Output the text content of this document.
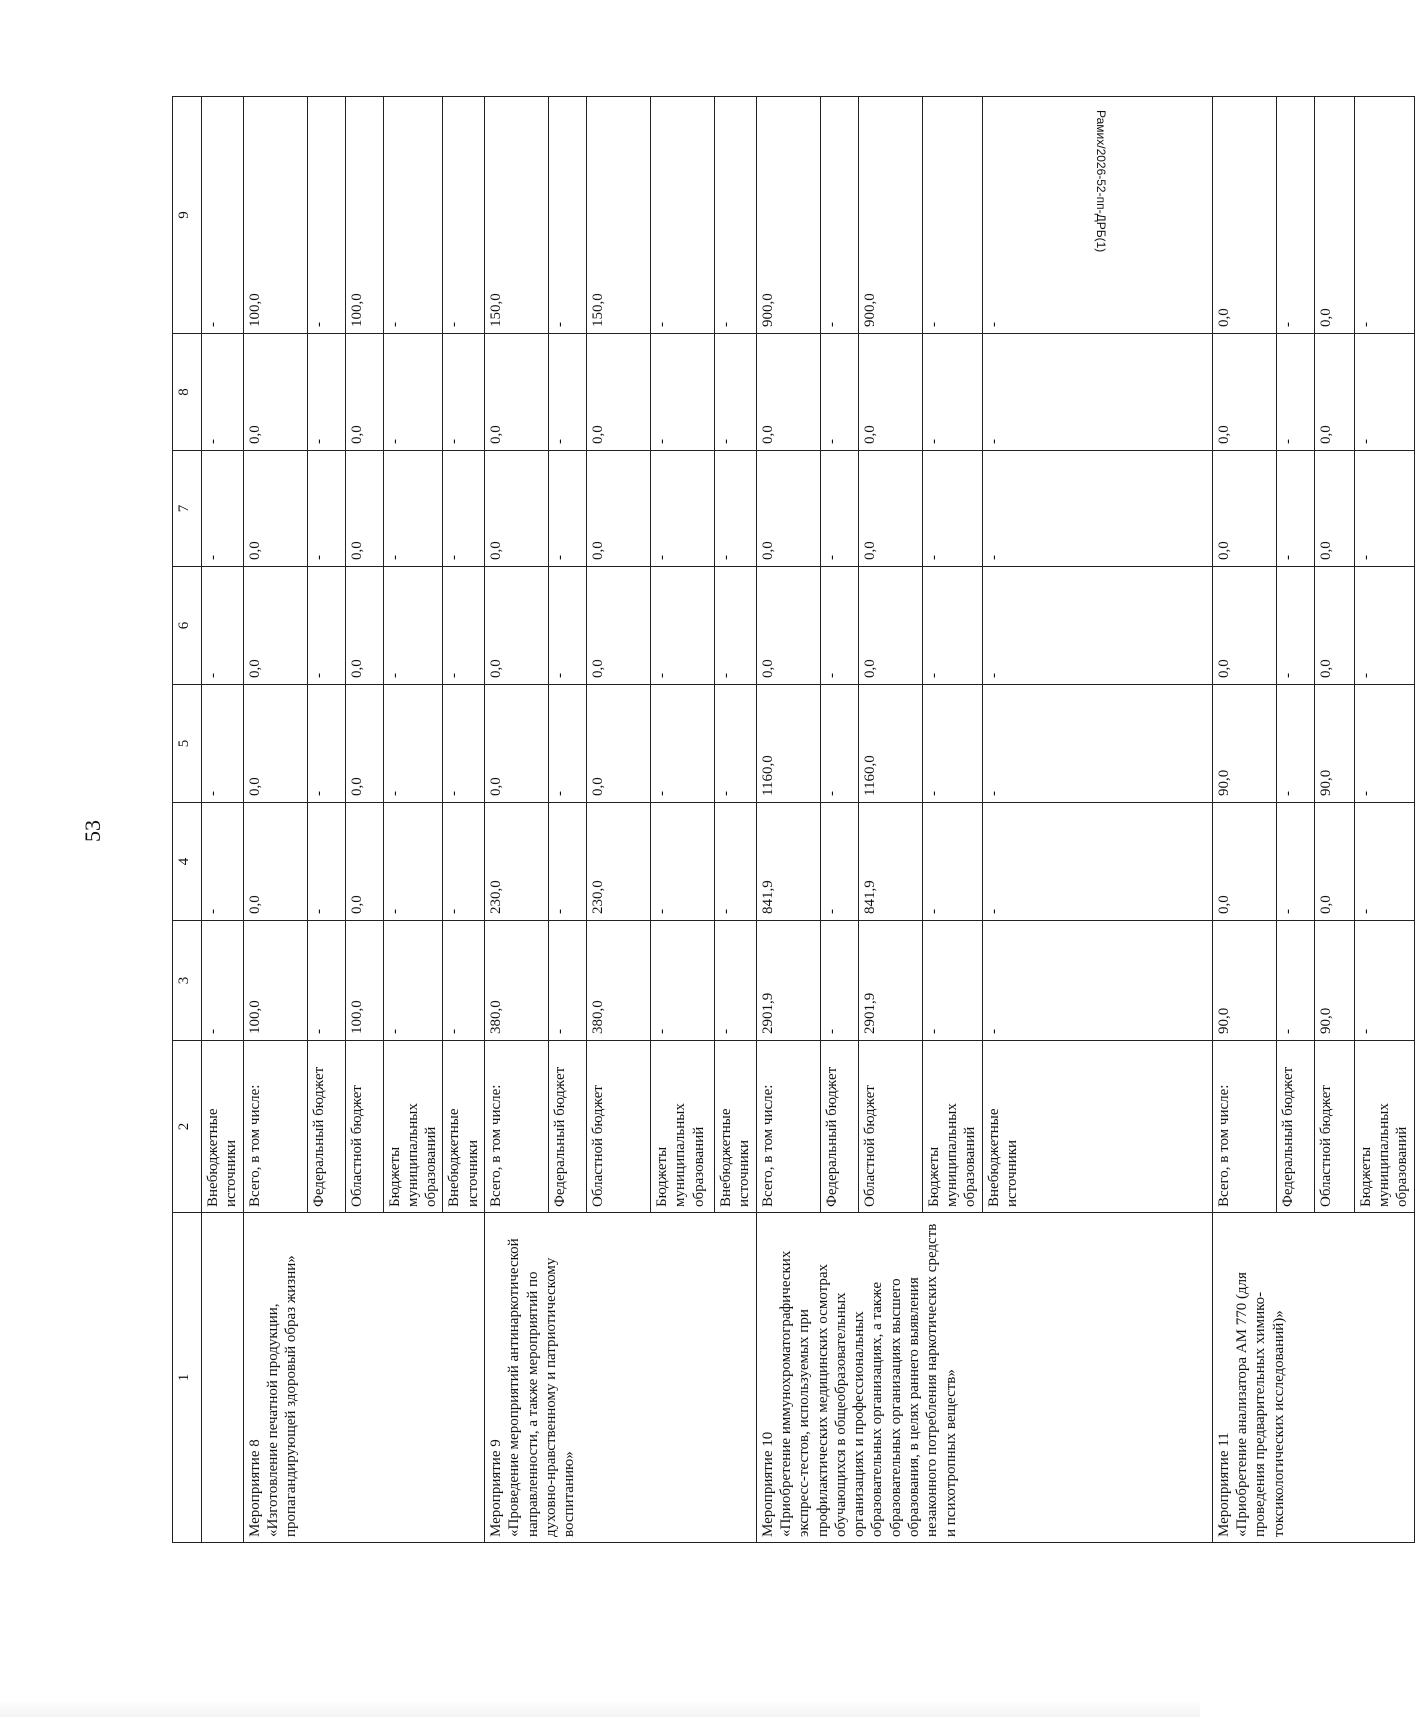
53
1	2	3	4	5	6	7	8	9
	Внебюджетные источники	-	-	-	-	-	-	-
Мероприятие 8
«Изготовление печатной продукции, пропагандирующей здоровый образ жизни»	Всего, в том числе:	100,0	0,0	0,0	0,0	0,0	0,0	100,0
	Федеральный бюджет	-	-	-	-	-	-	-
	Областной бюджет	100,0	0,0	0,0	0,0	0,0	0,0	100,0
	Бюджеты муниципальных образований	-	-	-	-	-	-	-
	Внебюджетные источники	-	-	-	-	-	-	-
Мероприятие 9
«Проведение мероприятий антинаркотической направленности, а также мероприятий по духовно-нравственному и патриотическому воспитанию»	Всего, в том числе:	380,0	230,0	0,0	0,0	0,0	0,0	150,0
	Федеральный бюджет	-	-	-	-	-	-	-
	Областной бюджет	380,0	230,0	0,0	0,0	0,0	0,0	150,0
	Бюджеты муниципальных образований	-	-	-	-	-	-	-
	Внебюджетные источники	-	-	-	-	-	-	-
Мероприятие 10
«Приобретение иммунохроматографических экспресс-тестов, используемых при профилактических медицинских осмотрах обучающихся в общеобразовательных организациях и профессиональных образовательных организациях, а также образовательных организациях высшего образования, в целях раннего выявления незаконного потребления наркотических средств и психотропных веществ»	Всего, в том числе:	2901,9	841,9	1160,0	0,0	0,0	0,0	900,0
	Федеральный бюджет	-	-	-	-	-	-	-
	Областной бюджет	2901,9	841,9	1160,0	0,0	0,0	0,0	900,0
	Бюджеты муниципальных образований	-	-	-	-	-	-	-
	Внебюджетные источники	-	-	-	-	-	-	-
Мероприятие 11
«Приобретение анализатора АМ 770 (для проведения предварительных химико-токсикологических исследований)»	Всего, в том числе:	90,0	0,0	90,0	0,0	0,0	0,0	0,0
	Федеральный бюджет	-	-	-	-	-	-	-
	Областной бюджет	90,0	0,0	90,0	0,0	0,0	0,0	0,0
	Бюджеты муниципальных образований	-	-	-	-	-	-	-
Рамих/2026-52-пп-ДРБ(1)
